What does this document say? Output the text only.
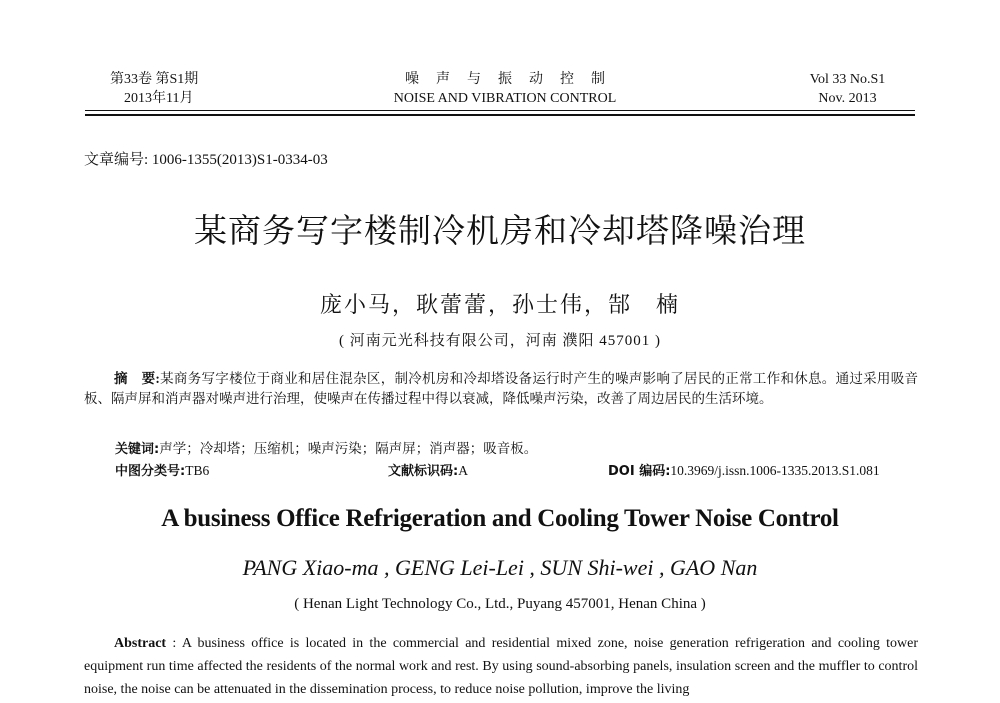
第33卷 第S1期
2013年11月
噪声与振动控制
NOISE AND VIBRATION CONTROL
Vol 33 No.S1
Nov. 2013
文章编号: 1006-1355(2013)S1-0334-03
某商务写字楼制冷机房和冷却塔降噪治理
庞小马，耿蕾蕾，孙士伟，郜　楠
( 河南元光科技有限公司，河南 濮阳 457001 )
摘　要:某商务写字楼位于商业和居住混杂区，制冷机房和冷却塔设备运行时产生的噪声影响了居民的正常工作和休息。通过采用吸音板、隔声屏和消声器对噪声进行治理，使噪声在传播过程中得以衰减，降低噪声污染，改善了周边居民的生活环境。
关键词:声学；冷却塔；压缩机；噪声污染；隔声屏；消声器；吸音板。
中图分类号:TB6	文献标识码:A	DOI 编码:10.3969/j.issn.1006-1335.2013.S1.081
A business Office Refrigeration and Cooling Tower Noise Control
PANG Xiao-ma , GENG Lei-Lei , SUN Shi-wei , GAO Nan
( Henan Light Technology Co., Ltd., Puyang 457001, Henan China )
Abstract : A business office is located in the commercial and residential mixed zone, noise generation refrigeration and cooling tower equipment run time affected the residents of the normal work and rest. By using sound-absorbing panels, insulation screen and the muffler to control noise, the noise can be attenuated in the dissemination process, to reduce noise pollution, improve the living
